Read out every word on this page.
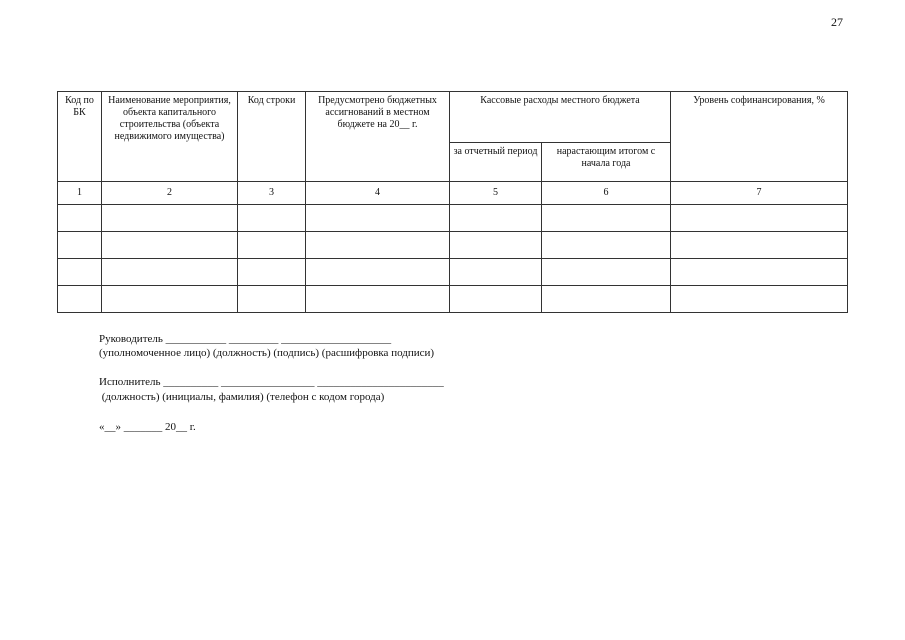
27
Код по БК	Наименование мероприятия, объекта капитального строительства (объекта недвижимого имущества)	Код строки	Предусмотрено бюджетных ассигнований в местном бюджете на 20__ г.	Кассовые расходы местного бюджета		Уровень софинансирования, %
				за отчетный период	нарастающим итогом с начала года	
1	2	3	4	5	6	7

Руководитель ___________ _________ ____________________
(уполномоченное лицо) (должность) (подпись) (расшифровка подписи)
Исполнитель __________ _________________ _______________________
(должность) (инициалы, фамилия) (телефон с кодом города)
«__» _______ 20__ г.
